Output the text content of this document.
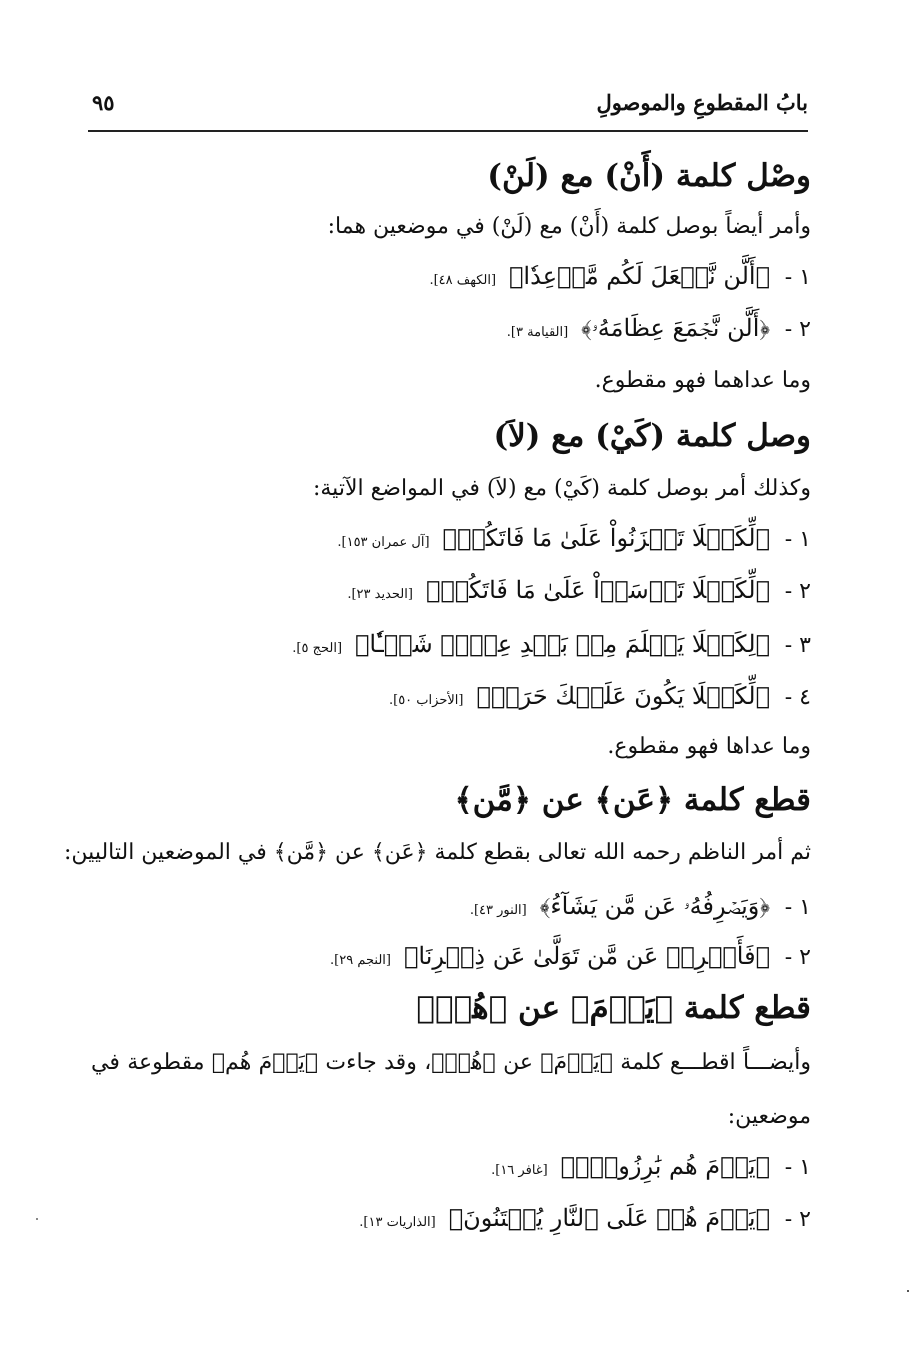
بابُ المقطوعِ والموصولِ
٩٥
وصْل كلمة (أَنْ) مع (لَنْ)
وأمر أيضاً بوصل كلمة (أَنْ) مع (لَنْ) في موضعين هما:
١ - ﴿أَلَّن نَّجۡعَلَ لَكُم مَّوۡعِدٗا﴾ [الكهف ٤٨].
٢ - ﴿أَلَّن نَّجۡمَعَ عِظَامَهُۥ﴾ [القيامة ٣].
وما عداهما فهو مقطوع.
وصل كلمة (كَيْ) مع (لاَ)
وكذلك أمر بوصل كلمة (كَيْ) مع (لاَ) في المواضع الآتية:
١ - ﴿لِّكَيۡلَا تَحۡزَنُواْ عَلَىٰ مَا فَاتَكُمۡ﴾ [آل عمران ١٥٣].
٢ - ﴿لِّكَيۡلَا تَأۡسَوۡاْ عَلَىٰ مَا فَاتَكُمۡ﴾ [الحديد ٢٣].
٣ - ﴿لِكَيۡلَا يَعۡلَمَ مِنۢ بَعۡدِ عِلۡمٖ شَيۡـٔٗا﴾ [الحج ٥].
٤ - ﴿لِّكَيۡلَا يَكُونَ عَلَيۡكَ حَرَجٞ﴾ [الأحزاب ٥٠].
وما عداها فهو مقطوع.
قطع كلمة ﴿عَن﴾ عن ﴿مَّن﴾
ثم أمر الناظم رحمه الله تعالى بقطع كلمة ﴿عَن﴾ عن ﴿مَّن﴾ في الموضعين التاليين:
١ - ﴿وَيَصۡرِفُهُۥ عَن مَّن يَشَآءُ﴾ [النور ٤٣].
٢ - ﴿فَأَعۡرِضۡ عَن مَّن تَوَلَّىٰ عَن ذِكۡرِنَا﴾ [النجم ٢٩].
قطع كلمة ﴿يَوۡمَ﴾ عن ﴿هُمۡ﴾
وأيضـــاً اقطـــع كلمة ﴿يَوۡمَ﴾ عن ﴿هُمۡ﴾، وقد جاءت ﴿يَوۡمَ هُم﴾ مقطوعة في
موضعين:
١ - ﴿يَوۡمَ هُم بَٰرِزُونَۖ﴾ [غافر ١٦].
٢ - ﴿يَوۡمَ هُمۡ عَلَى ٱلنَّارِ يُفۡتَنُونَ﴾ [الذاريات ١٣].
